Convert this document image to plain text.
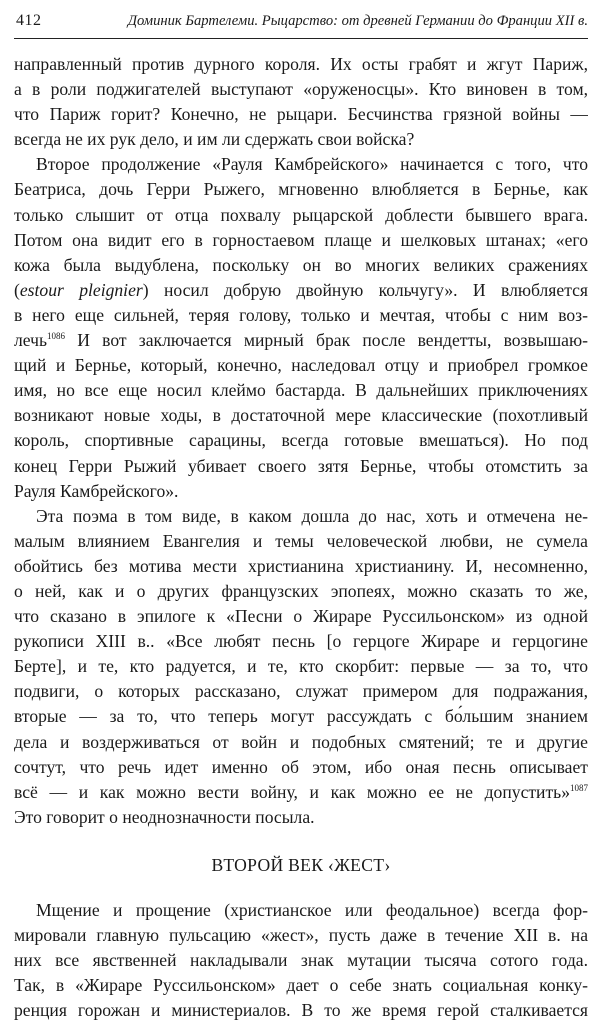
412	Доминик Бартелеми. Рыцарство: от древней Германии до Франции XII в.
направленный против дурного короля. Их осты грабят и жгут Париж,
а в роли поджигателей выступают «оруженосцы». Кто виновен в том,
что Париж горит? Конечно, не рыцари. Бесчинства грязной войны —
всегда не их рук дело, и им ли сдержать свои войска?
Второе продолжение «Рауля Камбрейского» начинается с того, что
Беатриса, дочь Герри Рыжего, мгновенно влюбляется в Бернье, как
только слышит от отца похвалу рыцарской доблести бывшего врага.
Потом она видит его в горностаевом плаще и шелковых штанах; «его
кожа была выдублена, поскольку он во многих великих сражениях
(estour pleignier) носил добрую двойную кольчугу». И влюбляется
в него еще сильней, теряя голову, только и мечтая, чтобы с ним воз-
лечь$^{1086}$ И вот заключается мирный брак после вендетты, возвышаю-
щий и Бернье, который, конечно, наследовал отцу и приобрел громкое
имя, но все еще носил клеймо бастарда. В дальнейших приключениях
возникают новые ходы, в достаточной мере классические (похотливый
король, спортивные сарацины, всегда готовые вмешаться). Но под
конец Герри Рыжий убивает своего зятя Бернье, чтобы отомстить за
Рауля Камбрейского».
Эта поэма в том виде, в каком дошла до нас, хоть и отмечена не-
малым влиянием Евангелия и темы человеческой любви, не сумела
обойтись без мотива мести христианина христианину. И, несомненно,
о ней, как и о других французских эпопеях, можно сказать то же,
что сказано в эпилоге к «Песни о Жираре Руссильонском» из одной
рукописи XIII в.. «Все любят песнь [о герцоге Жираре и герцогине
Берте], и те, кто радуется, и те, кто скорбит: первые — за то, что
подвиги, о которых рассказано, служат примером для подражания,
вторые — за то, что теперь могут рассуждать с бо́льшим знанием
дела и воздерживаться от войн и подобных смятений; те и другие
сочтут, что речь идет именно об этом, ибо оная песнь описывает
всё — и как можно вести войну, и как можно ее не допустить»$^{1087}$
Это говорит о неоднозначности посыла.
ВТОРОЙ ВЕК ‹ЖЕСТ›
Мщение и прощение (христианское или феодальное) всегда фор-
мировали главную пульсацию «жест», пусть даже в течение XII в. на
них все явственней накладывали знак мутации тысяча сотого года.
Так, в «Жираре Руссильонском» дает о себе знать социальная конку-
ренция горожан и министериалов. В то же время герой сталкивается
